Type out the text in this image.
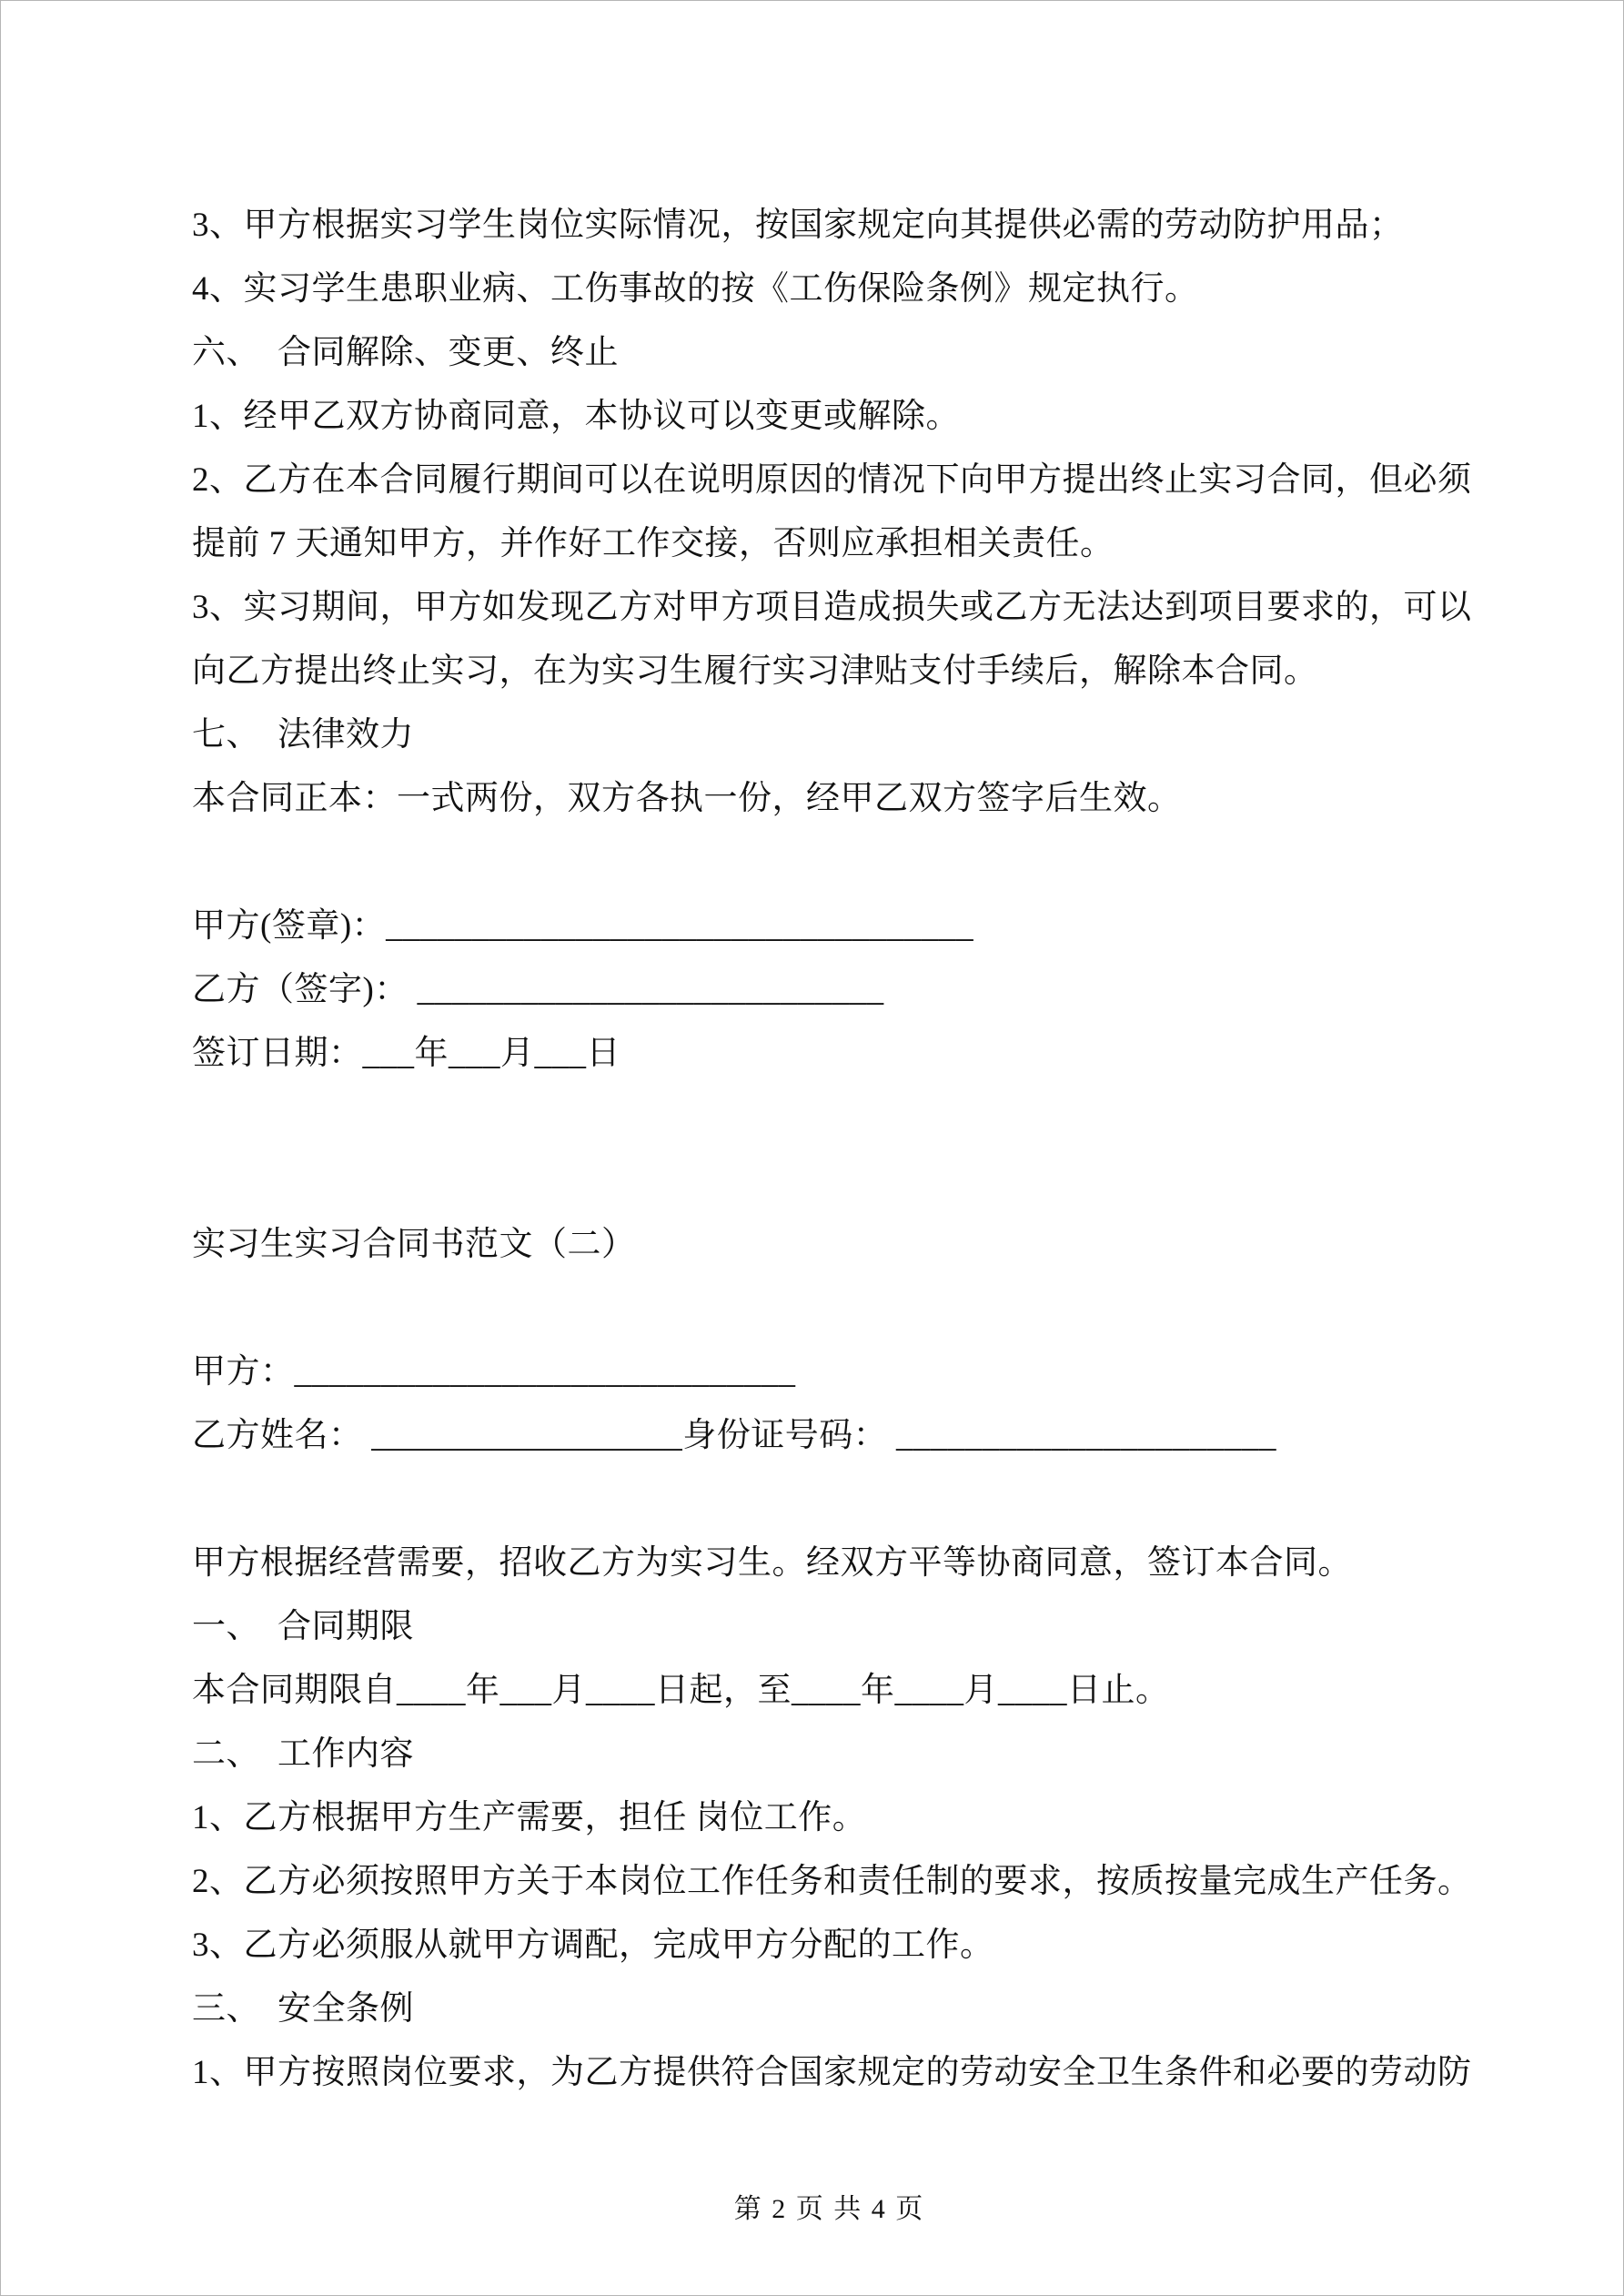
3、甲方根据实习学生岗位实际情况，按国家规定向其提供必需的劳动防护用品；
4、实习学生患职业病、工伤事故的按《工伤保险条例》规定执行。
六、　合同解除、变更、终止
1、经甲乙双方协商同意，本协议可以变更或解除。
2、乙方在本合同履行期间可以在说明原因的情况下向甲方提出终止实习合同，但必须
提前 7 天通知甲方，并作好工作交接，否则应承担相关责任。
3、实习期间，甲方如发现乙方对甲方项目造成损失或乙方无法达到项目要求的，可以
向乙方提出终止实习，在为实习生履行实习津贴支付手续后，解除本合同。
七、　法律效力
本合同正本：一式两份，双方各执一份，经甲乙双方签字后生效。

甲方(签章)：__________________________________
乙方（签字)： ___________________________
签订日期：___年___月___日

实习生实习合同书范文（二）

甲方：_____________________________
乙方姓名： __________________身份证号码： ______________________

甲方根据经营需要，招收乙方为实习生。经双方平等协商同意，签订本合同。
一、　合同期限
本合同期限自____年___月____日起，至____年____月____日止。
二、　工作内容
1、乙方根据甲方生产需要，担任 岗位工作。
2、乙方必须按照甲方关于本岗位工作任务和责任制的要求，按质按量完成生产任务。
3、乙方必须服从就甲方调配，完成甲方分配的工作。
三、　安全条例
1、甲方按照岗位要求，为乙方提供符合国家规定的劳动安全卫生条件和必要的劳动防

第 2 页 共 4 页
